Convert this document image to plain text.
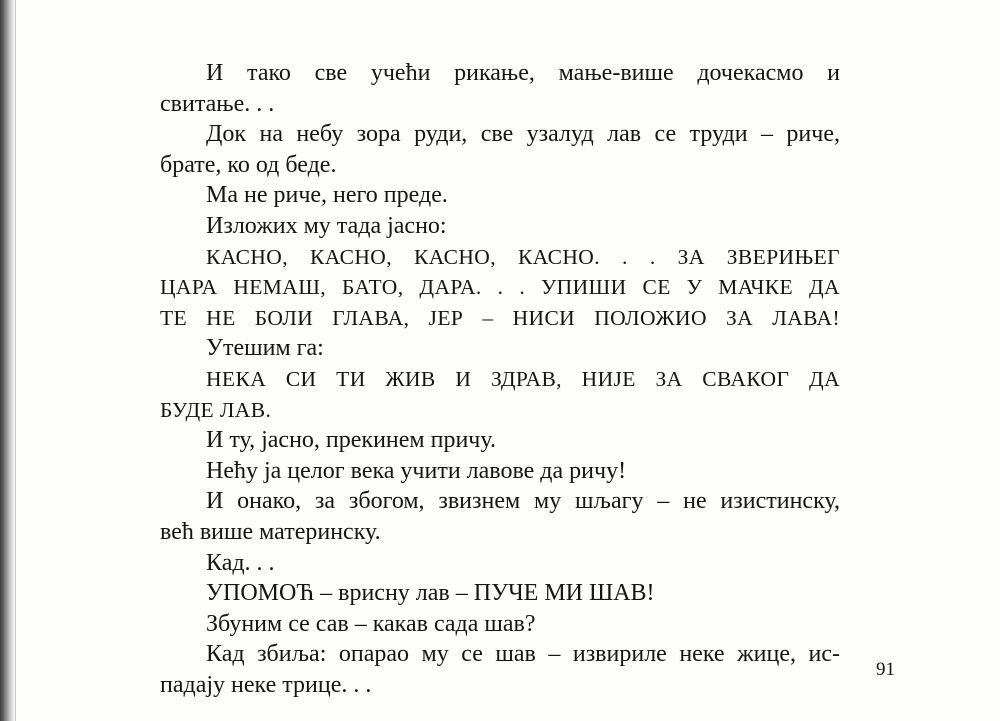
И тако све учећи рикање, мање-више дочекасмо и
свитање. . .
Док на небу зора руди, све узалуд лав се труди – риче,
брате, ко од беде.
Ма не риче, него преде.
Изложих му тада јасно:
КАСНО, КАСНО, КАСНО, КАСНО. . . ЗА ЗВЕРИЊЕГ
ЦАРА НЕМАШ, БАТО, ДАРА. . . УПИШИ СЕ У МАЧКЕ ДА
ТЕ НЕ БОЛИ ГЛАВА, ЈЕР – НИСИ ПОЛОЖИО ЗА ЛАВА!
Утешим га:
НЕКА СИ ТИ ЖИВ И ЗДРАВ, НИЈЕ ЗА СВАКОГ ДА
БУДЕ ЛАВ.
И ту, јасно, прекинем причу.
Нећу ја целог века учити лавове да ричу!
И онако, за збогом, звизнем му шљагу – не изистинску,
већ више материнску.
Кад. . .
УПОМОЋ – врисну лав – ПУЧЕ МИ ШАВ!
Збуним се сав – какав сада шав?
Кад збиља: опарао му се шав – извириле неке жице, ис-
падају неке трице. . .
91
